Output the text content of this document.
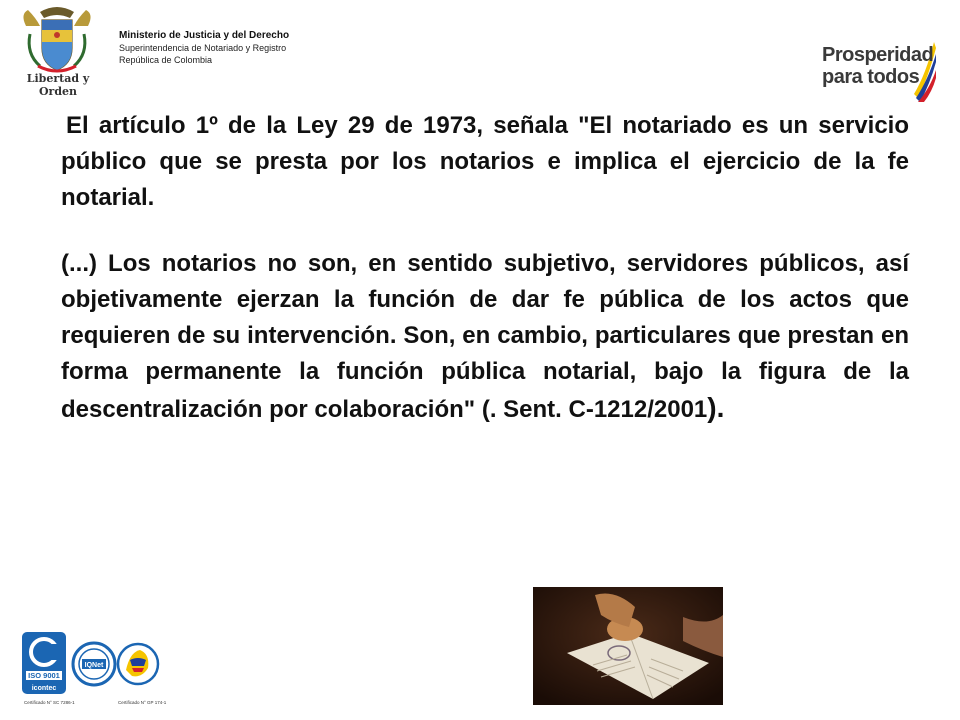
Libertad y Orden
Ministerio de Justicia y del Derecho
Superintendencia de Notariado y Registro
República de Colombia	Prosperidad
para todos

El artículo 1º de la Ley 29 de 1973, señala "El notariado es un servicio público que se presta por los notarios e implica el ejercicio de la fe notarial.

(...) Los notarios no son, en sentido subjetivo, servidores públicos, así objetivamente ejerzan la función de dar fe pública de los actos que requieren de su intervención. Son, en cambio, particulares que prestan en forma permanente la función pública notarial, bajo la figura de la descentralización por colaboración" (. Sent. C-1212/2001).

ISO 9001
icontec
IQNet
Certificado N° SC 7286-1	Certificado N° GP 174-1
